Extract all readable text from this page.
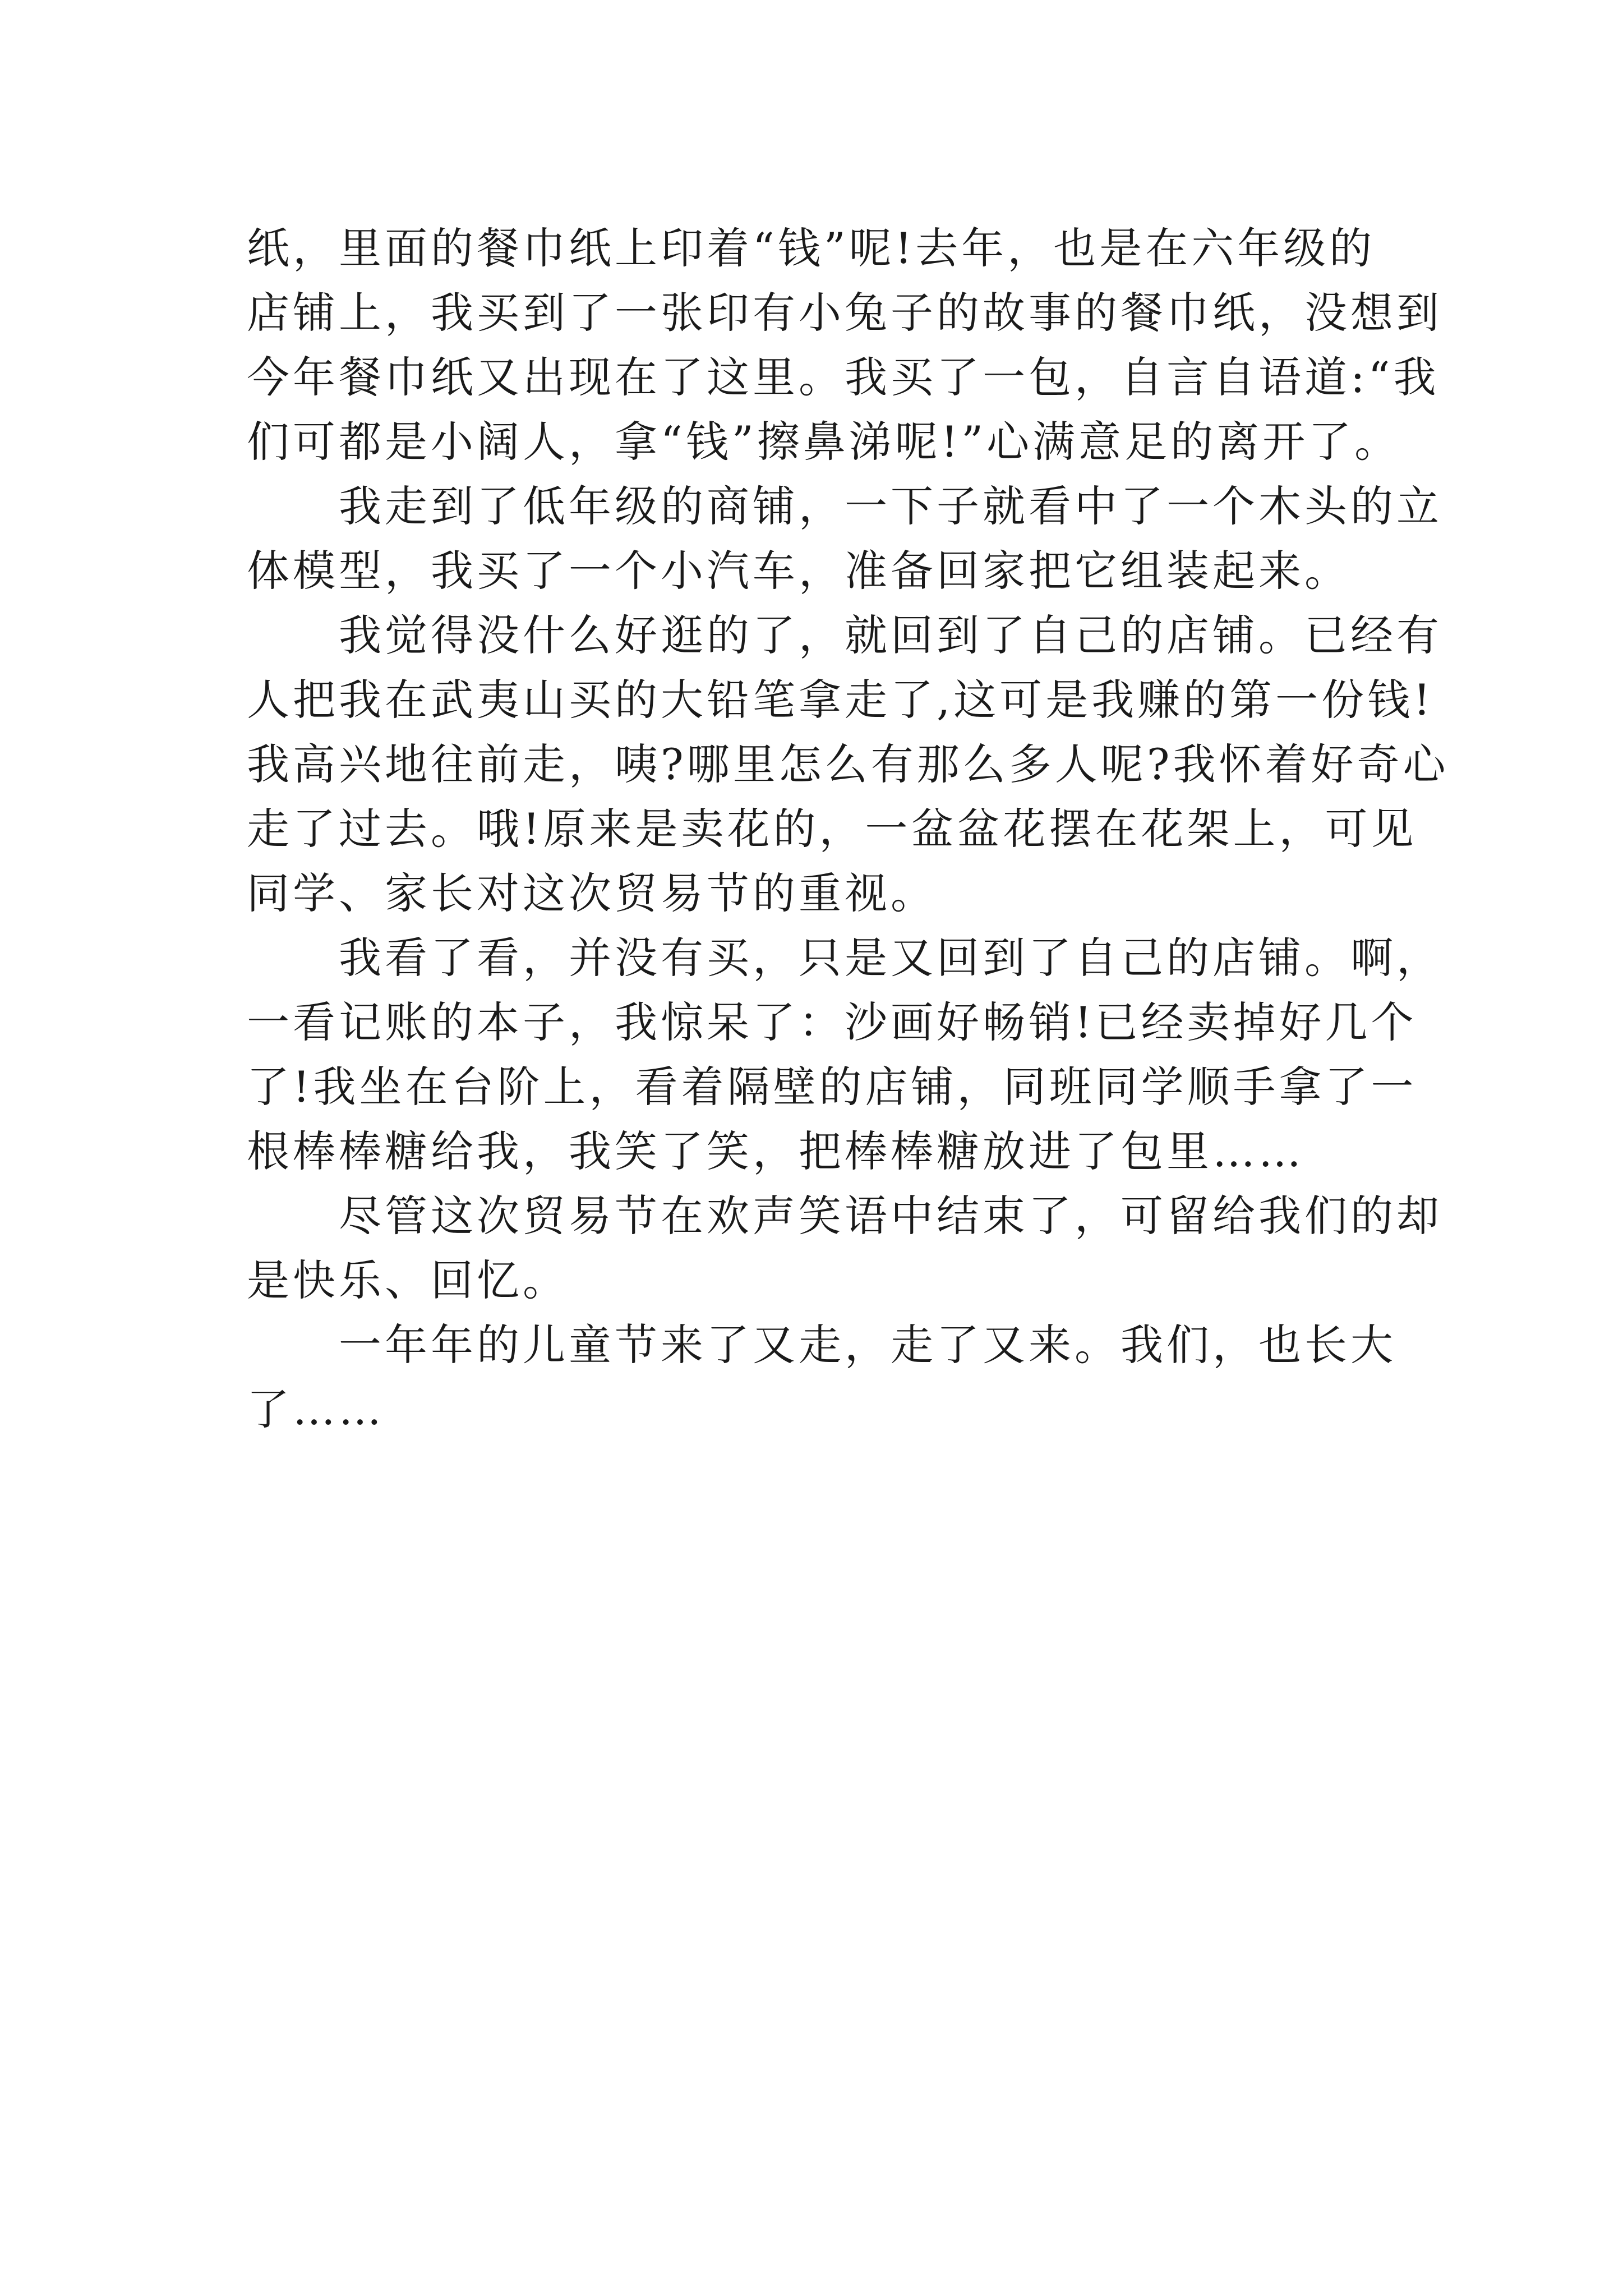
纸，里面的餐巾纸上印着“钱”呢!去年，也是在六年级的
店铺上，我买到了一张印有小兔子的故事的餐巾纸，没想到
今年餐巾纸又出现在了这里。我买了一包，自言自语道:“我
们可都是小阔人，拿“钱”擦鼻涕呢!”心满意足的离开了。

　　我走到了低年级的商铺，一下子就看中了一个木头的立
体模型，我买了一个小汽车，准备回家把它组装起来。

　　我觉得没什么好逛的了，就回到了自己的店铺。已经有
人把我在武夷山买的大铅笔拿走了,这可是我赚的第一份钱!
我高兴地往前走，咦?哪里怎么有那么多人呢?我怀着好奇心
走了过去。哦!原来是卖花的，一盆盆花摆在花架上，可见
同学、家长对这次贸易节的重视。

　　我看了看，并没有买，只是又回到了自己的店铺。啊，
一看记账的本子，我惊呆了：沙画好畅销!已经卖掉好几个
了!我坐在台阶上，看着隔壁的店铺，同班同学顺手拿了一
根棒棒糖给我，我笑了笑，把棒棒糖放进了包里……

　　尽管这次贸易节在欢声笑语中结束了，可留给我们的却
是快乐、回忆。

　　一年年的儿童节来了又走，走了又来。我们，也长大
了……
